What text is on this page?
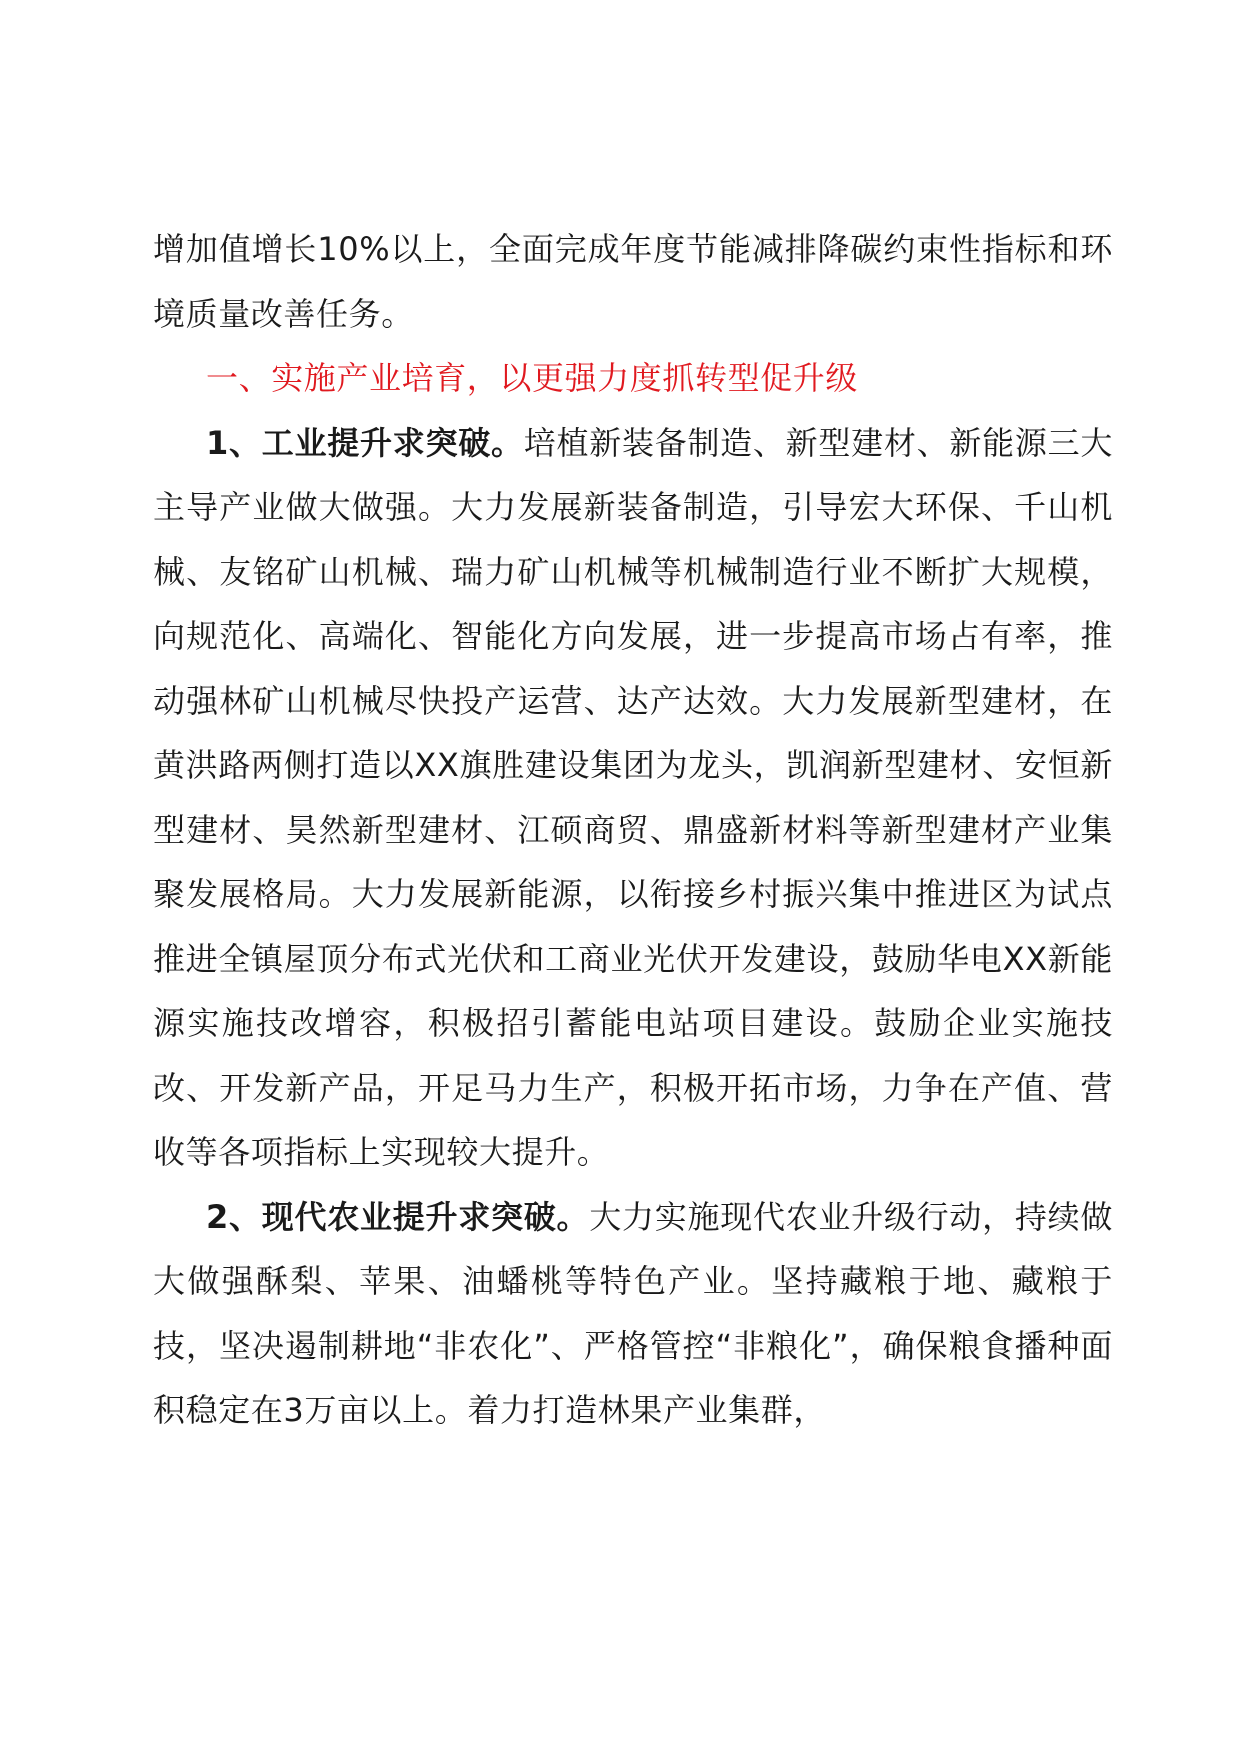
增加值增长10%以上，全面完成年度节能减排降碳约束性指标和环境质量改善任务。

一、实施产业培育，以更强力度抓转型促升级

1、工业提升求突破。培植新装备制造、新型建材、新能源三大主导产业做大做强。大力发展新装备制造，引导宏大环保、千山机械、友铭矿山机械、瑞力矿山机械等机械制造行业不断扩大规模，向规范化、高端化、智能化方向发展，进一步提高市场占有率，推动强林矿山机械尽快投产运营、达产达效。大力发展新型建材，在黄洪路两侧打造以XX旗胜建设集团为龙头，凯润新型建材、安恒新型建材、昊然新型建材、江硕商贸、鼎盛新材料等新型建材产业集聚发展格局。大力发展新能源，以衔接乡村振兴集中推进区为试点推进全镇屋顶分布式光伏和工商业光伏开发建设，鼓励华电XX新能源实施技改增容，积极招引蓄能电站项目建设。鼓励企业实施技改、开发新产品，开足马力生产，积极开拓市场，力争在产值、营收等各项指标上实现较大提升。

2、现代农业提升求突破。大力实施现代农业升级行动，持续做大做强酥梨、苹果、油蟠桃等特色产业。坚持藏粮于地、藏粮于技，坚决遏制耕地“非农化”、严格管控“非粮化”，确保粮食播种面积稳定在3万亩以上。着力打造林果产业集群，
